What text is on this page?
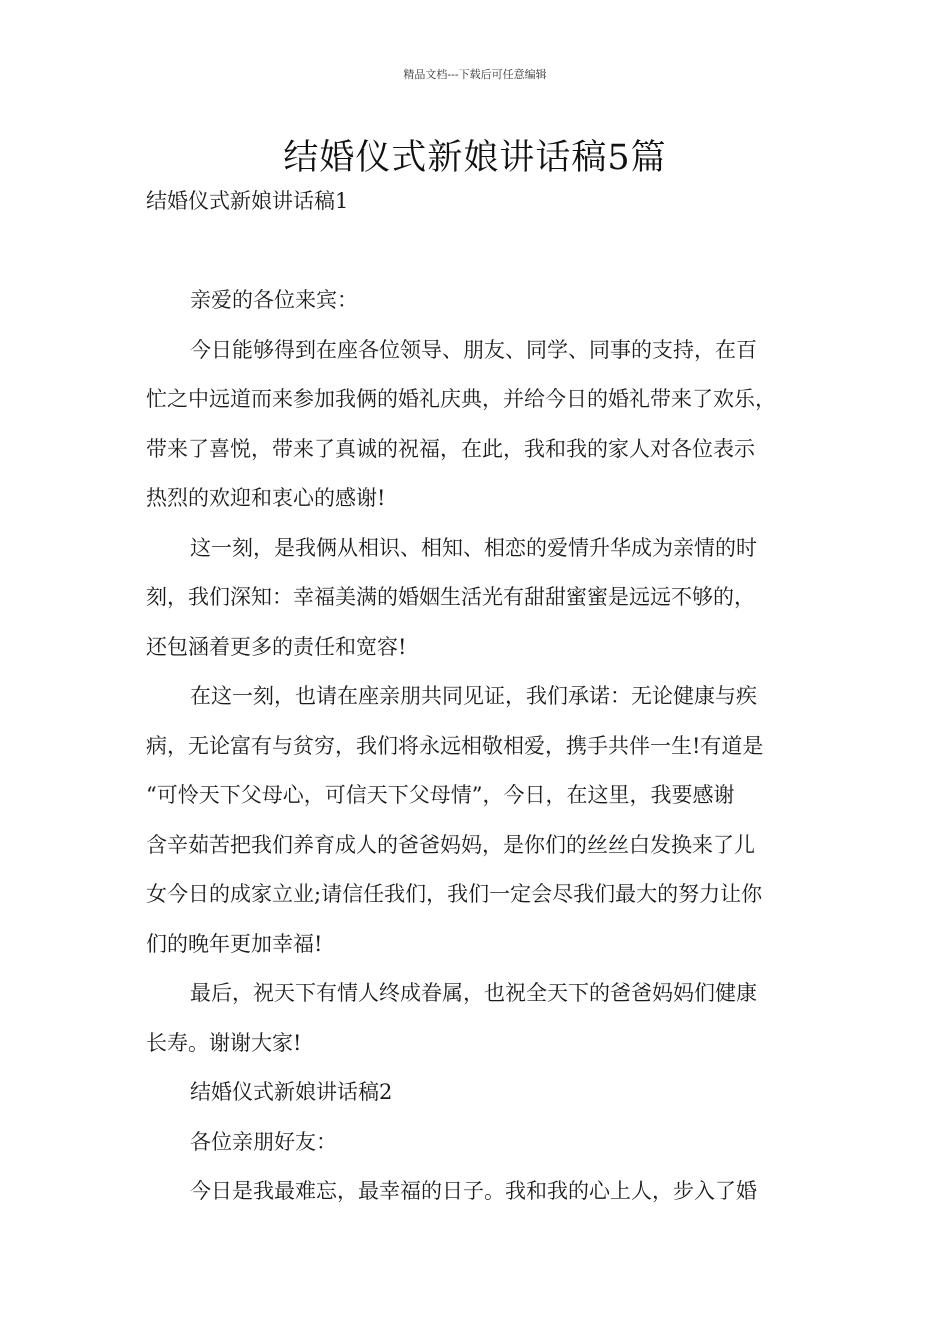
精品文档---下载后可任意编辑
结婚仪式新娘讲话稿5篇
结婚仪式新娘讲话稿1
亲爱的各位来宾：
今日能够得到在座各位领导、朋友、同学、同事的支持，在百
忙之中远道而来参加我俩的婚礼庆典，并给今日的婚礼带来了欢乐，
带来了喜悦，带来了真诚的祝福，在此，我和我的家人对各位表示
热烈的欢迎和衷心的感谢!
这一刻，是我俩从相识、相知、相恋的爱情升华成为亲情的时
刻，我们深知：幸福美满的婚姻生活光有甜甜蜜蜜是远远不够的，
还包涵着更多的责任和宽容!
在这一刻，也请在座亲朋共同见证，我们承诺：无论健康与疾
病，无论富有与贫穷，我们将永远相敬相爱，携手共伴一生!有道是
“可怜天下父母心，可信天下父母情”，今日，在这里，我要感谢
含辛茹苦把我们养育成人的爸爸妈妈，是你们的丝丝白发换来了儿
女今日的成家立业;请信任我们，我们一定会尽我们最大的努力让你
们的晚年更加幸福!
最后，祝天下有情人终成眷属，也祝全天下的爸爸妈妈们健康
长寿。谢谢大家!
结婚仪式新娘讲话稿2
各位亲朋好友：
今日是我最难忘，最幸福的日子。我和我的心上人，步入了婚
